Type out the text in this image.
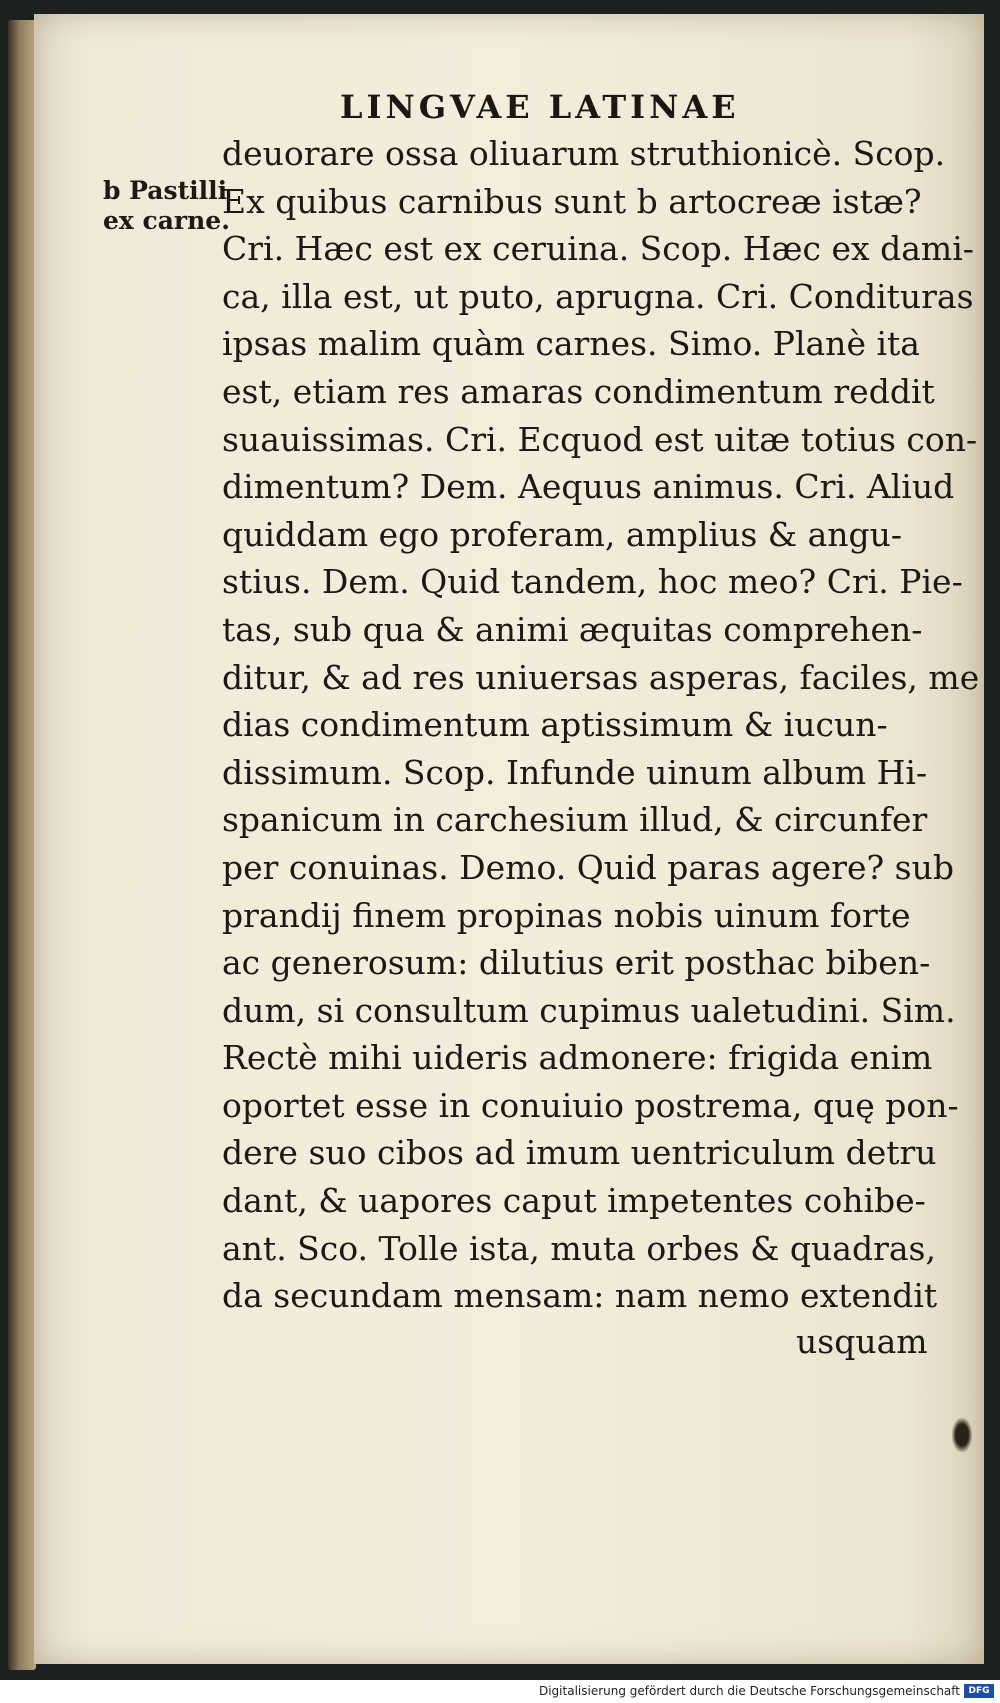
LINGVAE LATINAE
b Pastilli
ex carne.
deuorare ossa oliuarum struthionicè. Scop.
Ex quibus carnibus sunt b artocreæ istæ?
Cri. Hæc est ex ceruina. Scop. Hæc ex dami-
ca, illa est, ut puto, aprugna. Cri. Condituras
ipsas malim quàm carnes. Simo. Planè ita
est, etiam res amaras condimentum reddit
suauissimas. Cri. Ecquod est uitæ totius con-
dimentum? Dem. Aequus animus. Cri. Aliud
quiddam ego proferam, amplius & angu-
stius. Dem. Quid tandem, hoc meo? Cri. Pie-
tas, sub qua & animi æquitas comprehen-
ditur, & ad res uniuersas asperas, faciles, me
dias condimentum aptissimum & iucun-
dissimum. Scop. Infunde uinum album Hi-
spanicum in carchesium illud, & circunfer
per conuinas. Demo. Quid paras agere? sub
prandij finem propinas nobis uinum forte
ac generosum: dilutius erit posthac biben-
dum, si consultum cupimus ualetudini. Sim.
Rectè mihi uideris admonere: frigida enim
oportet esse in conuiuio postrema, quę pon-
dere suo cibos ad imum uentriculum detru
dant, & uapores caput impetentes cohibe-
ant. Sco. Tolle ista, muta orbes & quadras,
da secundam mensam: nam nemo extendit
usquam
Digitalisierung gefördert durch die Deutsche Forschungsgemeinschaft DFG
